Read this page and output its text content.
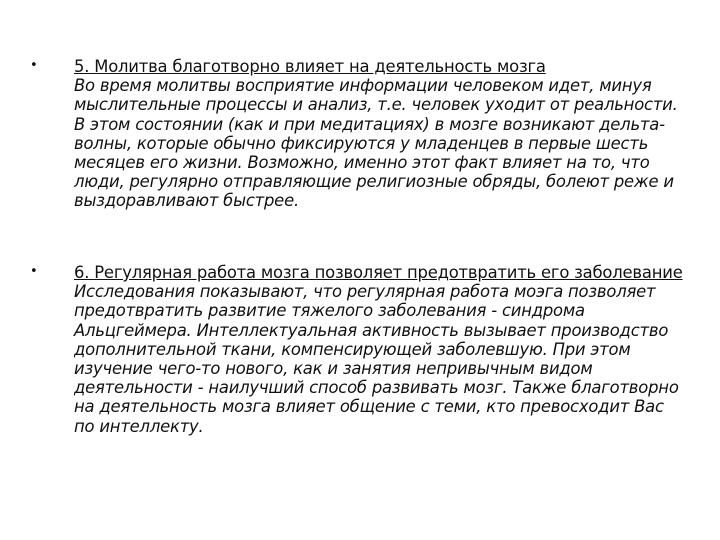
• 5. Молитва благотворно влияет на деятельность мозга
Во время молитвы восприятие информации человеком идет, минуя мыслительные процессы и анализ, т.е. человек уходит от реальности. В этом состоянии (как и при медитациях) в мозге возникают дельта-волны, которые обычно фиксируются у младенцев в первые шесть месяцев его жизни. Возможно, именно этот факт влияет на то, что люди, регулярно отправляющие религиозные обряды, болеют реже и выздоравливают быстрее.
• 6. Регулярная работа мозга позволяет предотвратить его заболевание
Исследования показывают, что регулярная работа моэга позволяет предотвратить развитие тяжелого заболевания - синдрома Альцгеймера. Интеллектуальная активность вызывает производство дополнительной ткани, компенсирующей заболевшую. При этом изучение чего-то нового, как и занятия непривычным видом деятельности - наилучший способ развивать мозг. Также благотворно на деятельность мозга влияет общение с теми, кто превосходит Вас по интеллекту.
